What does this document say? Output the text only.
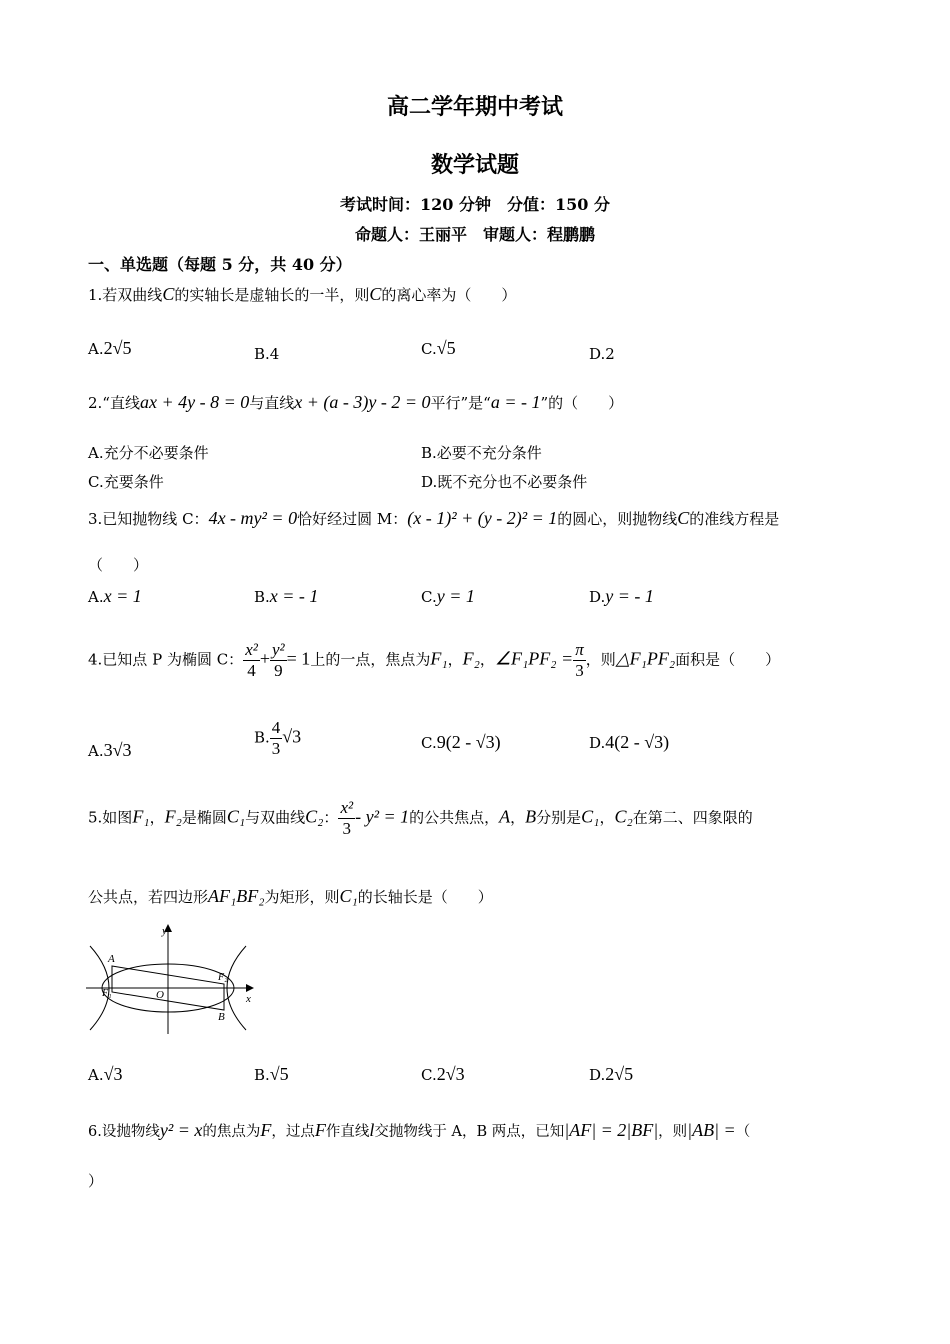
高二学年期中考试
数学试题
考试时间：120 分钟　分值：150 分
命题人：王丽平　审题人：程鹏鹏
一、单选题（每题 5 分，共 40 分）
1.若双曲线C的实轴长是虚轴长的一半，则C的离心率为（　　）
A.2√5	B.4	C.√5	D.2
2.“直线ax + 4y - 8 = 0与直线x + (a - 3)y - 2 = 0平行”是“a = - 1”的（　　）
A.充分不必要条件	B.必要不充分条件
C.充要条件	D.既不充分也不必要条件
3.已知抛物线 C：4x - my² = 0恰好经过圆 M：(x - 1)² + (y - 2)² = 1的圆心，则抛物线C的准线方程是
（　　）
A.x = 1	B.x = - 1	C.y = 1	D.y = - 1
4.已知点 P 为椭圆 C： $\frac{\text{x²}}{4} + \frac{\text{y²}}{9} = 1$上的一点，焦点为F₁，F₂，∠F₁PF₂ = $\frac{\pi}{3}$ ，则△F₁PF₂面积是（　　）
A.3√3
B. $\frac{4}{3} √3$	C.9(2 - √3)	D.4(2 - √3)
5.如图F₁，F₂是椭圆C₁与双曲线C₂： $\frac{\text{x²}}{3} - y^2 = 1$的公共焦点，A，B分别是C₁，C₂在第二、四象限的
公共点，若四边形AF₁BF₂为矩形，则C₁的长轴长是（　　）
y
A
F₁	O
F₂
x
B
A.√3	B.√5	C.2√3	D.2√5
6.设抛物线y² = x的焦点为F，过点F作直线l交抛物线于 A，B 两点，已知|AF| = 2|BF|，则|AB| =（
）
